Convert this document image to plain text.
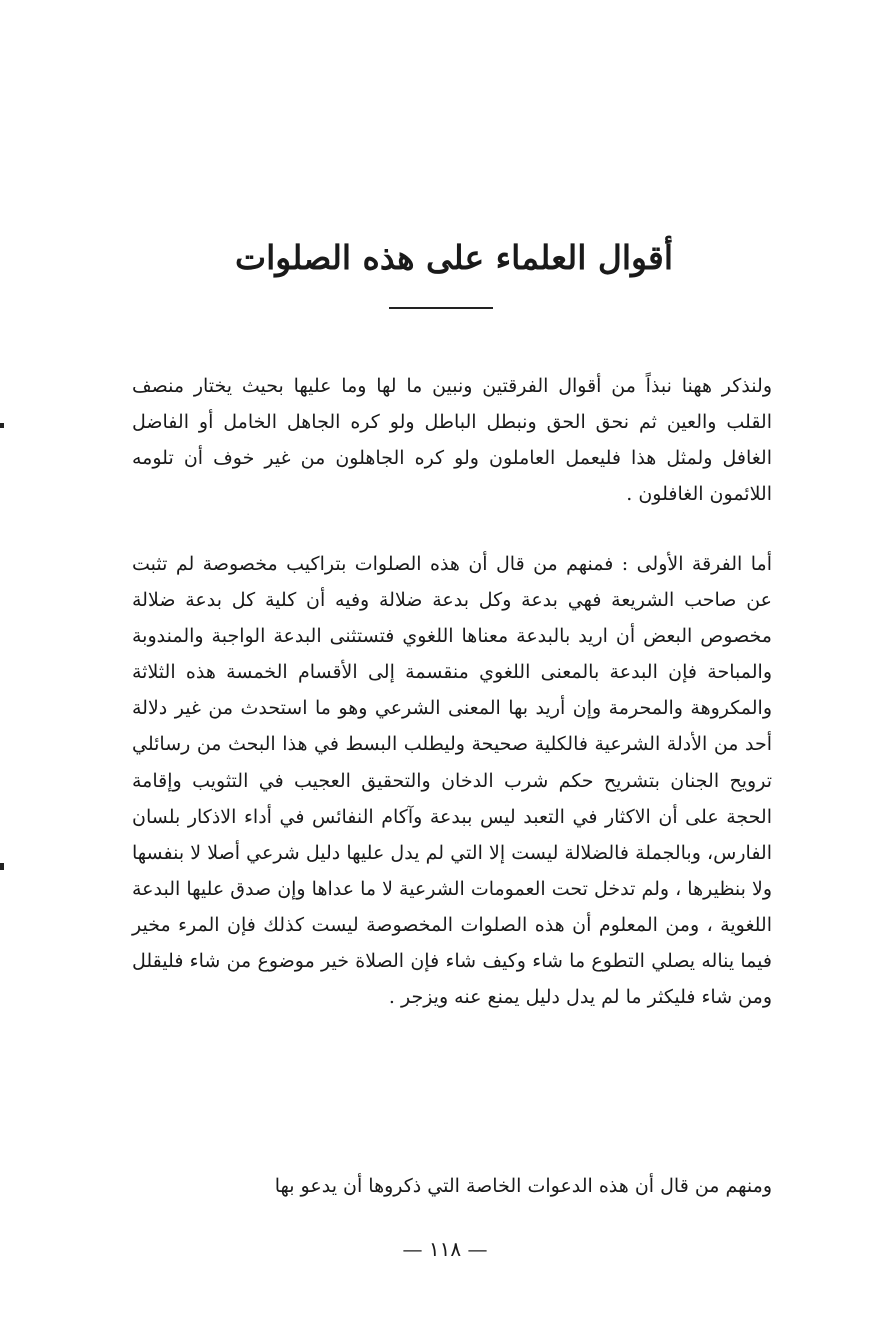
أقوال العلماء على هذه الصلوات

ولنذكر ههنا نبذاً من أقوال الفرقتين ونبين ما لها وما عليها بحيث يختار منصف القلب والعين ثم نحق الحق ونبطل الباطل ولو كره الجاهل الخامل أو الفاضل الغافل ولمثل هذا فليعمل العاملون ولو كره الجاهلون من غير خوف أن تلومه اللائمون الغافلون .

أما الفرقة الأولى : فمنهم من قال أن هذه الصلوات بتراكيب مخصوصة لم تثبت عن صاحب الشريعة فهي بدعة وكل بدعة ضلالة وفيه أن كلية كل بدعة ضلالة مخصوص البعض أن اريد بالبدعة معناها اللغوي فتستثنى البدعة الواجبة والمندوبة والمباحة فإن البدعة بالمعنى اللغوي منقسمة إلى الأقسام الخمسة هذه الثلاثة والمكروهة والمحرمة وإن أريد بها المعنى الشرعي وهو ما استحدث من غير دلالة أحد من الأدلة الشرعية فالكلية صحيحة وليطلب البسط في هذا البحث من رسائلي ترويح الجنان بتشريح حكم شرب الدخان والتحقيق العجيب في التثويب وإقامة الحجة على أن الاكثار في التعبد ليس ببدعة وآكام النفائس في أداء الاذكار بلسان الفارس، وبالجملة فالضلالة ليست إلا التي لم يدل عليها دليل شرعي أصلا لا بنفسها ولا بنظيرها ، ولم تدخل تحت العمومات الشرعية لا ما عداها وإن صدق عليها البدعة اللغوية ، ومن المعلوم أن هذه الصلوات المخصوصة ليست كذلك فإن المرء مخير فيما يناله يصلي التطوع ما شاء وكيف شاء فإن الصلاة خير موضوع من شاء فليقلل ومن شاء فليكثر ما لم يدل دليل يمنع عنه ويزجر .

ومنهم من قال أن هذه الدعوات الخاصة التي ذكروها أن يدعو بها

— ١١٨ —
